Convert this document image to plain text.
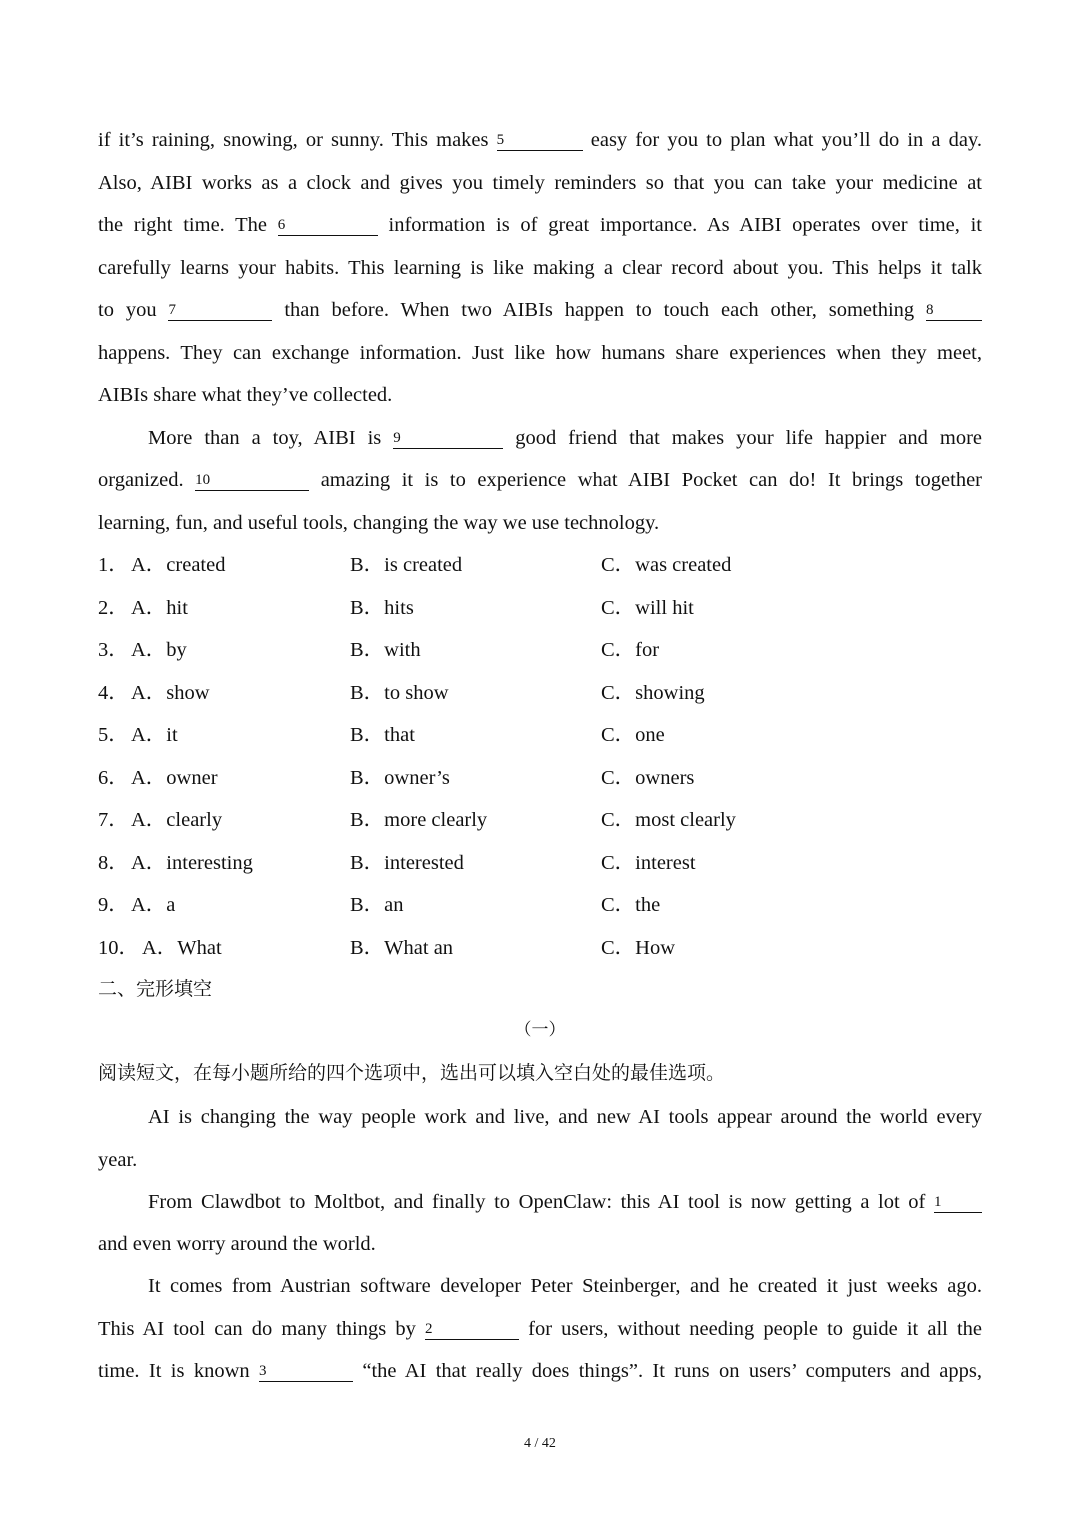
if it’s raining, snowing, or sunny. This makes 5	easy for you to plan what you’ll do in a day.
Also, AIBI works as a clock and gives you timely reminders so that you can take your medicine at
the right time. The 6	information is of great importance. As AIBI operates over time, it
carefully learns your habits. This learning is like making a clear record about you. This helps it talk
to you 7	than before. When two AIBIs happen to touch each other, something 8
happens. They can exchange information. Just like how humans share experiences when they meet,
AIBIs share what they’ve collected.
More than a toy, AIBI is 9	good friend that makes your life happier and more
organized. 10	amazing it is to experience what AIBI Pocket can do! It brings together
learning, fun, and useful tools, changing the way we use technology.
1． A．created	B．is created	C．was created
2． A．hit	B．hits	C．will hit
3． A．by	B．with	C．for
4． A．show	B．to show	C．showing
5． A．it	B．that	C．one
6． A．owner	B．owner’s	C．owners
7． A．clearly	B．more clearly	C．most clearly
8． A．interesting	B．interested	C．interest
9． A．a	B．an	C．the
10． A．What	B．What an	C．How
二、完形填空
（一）
阅读短文，在每小题所给的四个选项中，选出可以填入空白处的最佳选项。
AI is changing the way people work and live, and new AI tools appear around the world every
year.
From Clawdbot to Moltbot, and finally to OpenClaw: this AI tool is now getting a lot of 1
and even worry around the world.
It comes from Austrian software developer Peter Steinberger, and he created it just weeks ago.
This AI tool can do many things by 2	for users, without needing people to guide it all the
time. It is known 3	“the AI that really does things”. It runs on users’ computers and apps,
4 / 42
